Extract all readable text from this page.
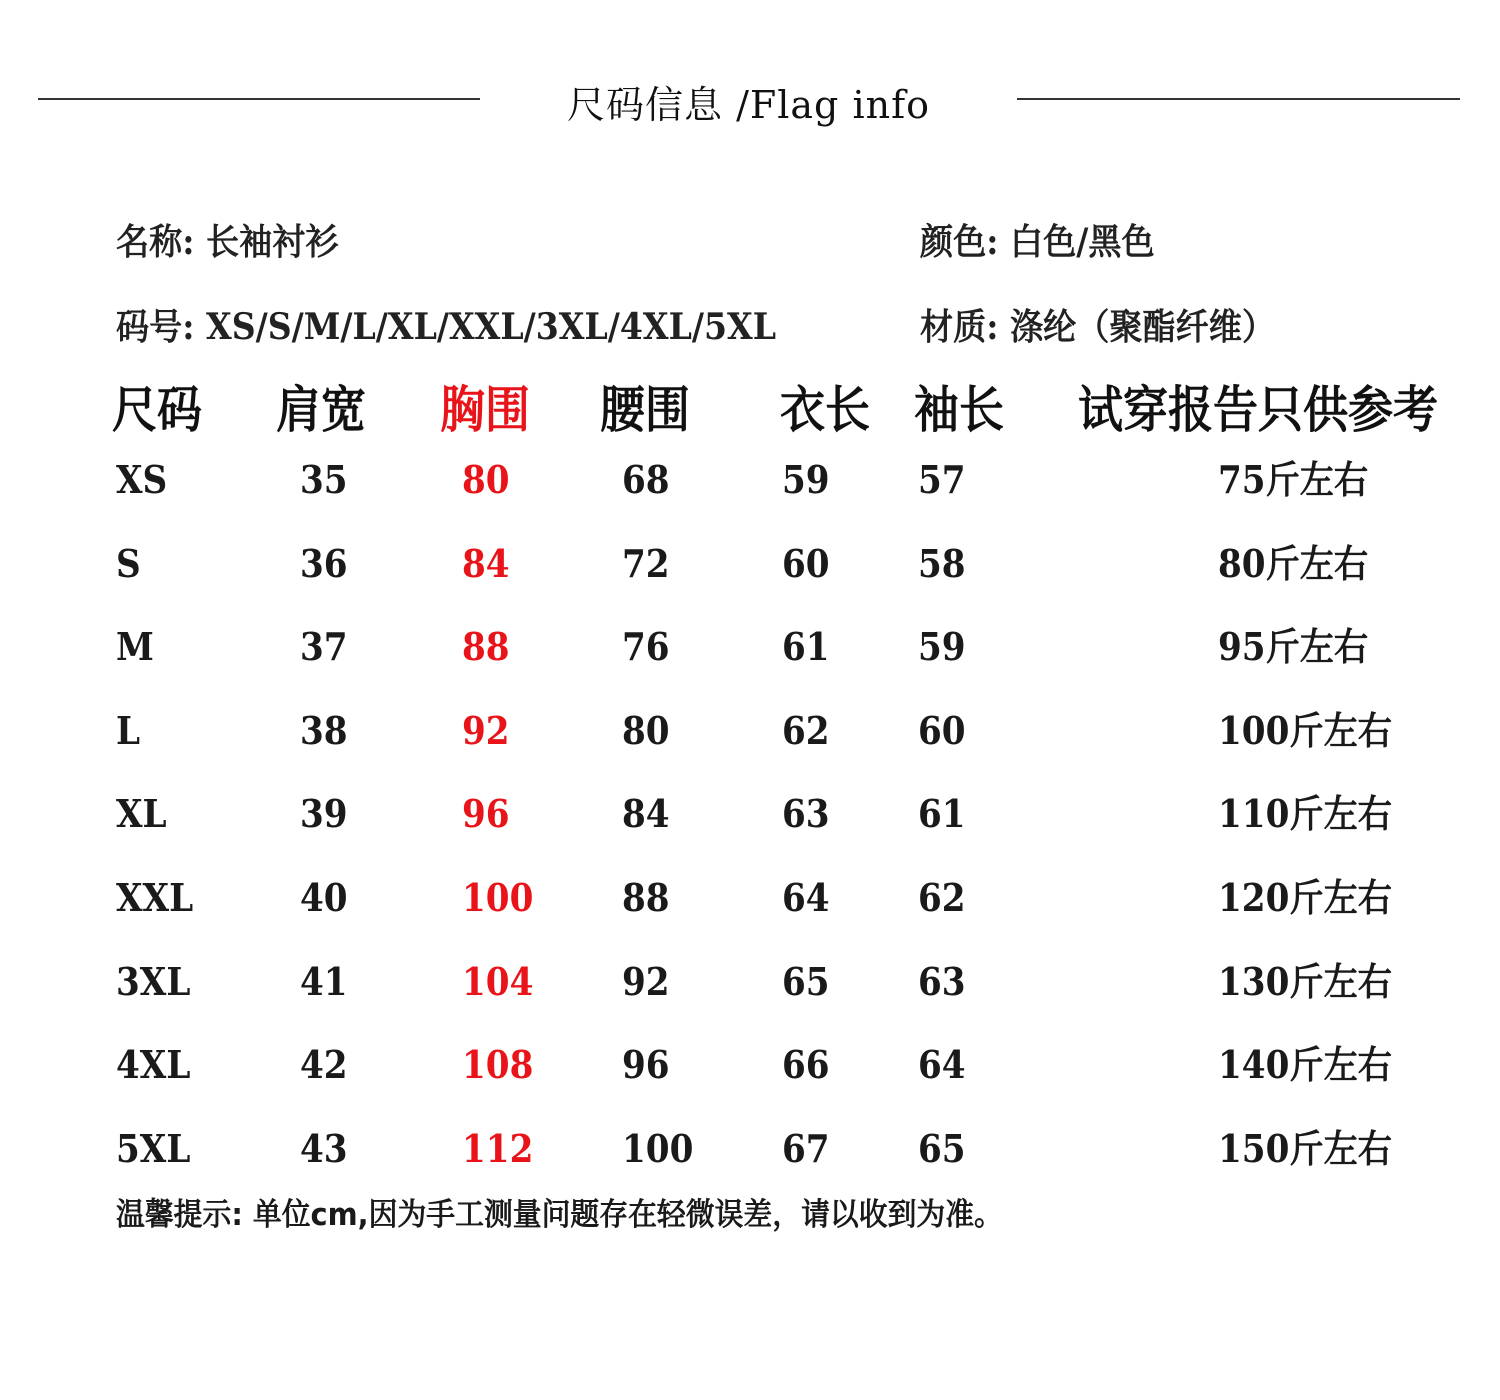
尺码信息 /Flag info
名称: 长袖衬衫	颜色: 白色/黑色
码号: XS/S/M/L/XL/XXL/3XL/4XL/5XL	材质: 涤纶（聚酯纤维）
尺码 肩宽 胸围 腰围 衣长 袖长 试穿报告只供参考
XS	35	80	68	59 57	75斤左右
S	36	84	72	60 58	80斤左右
M	37	88	76	61 59	95斤左右
L	38	92	80	62 60	100斤左右
XL	39	96	84	63 61	110斤左右
XXL	40	100 88	64 62	120斤左右
3XL	41	104 92	65 63	130斤左右
4XL	42	108 96	66 64	140斤左右
5XL	43	112 100 67 65	150斤左右
温馨提示: 单位cm,因为手工测量问题存在轻微误差，请以收到为准。
